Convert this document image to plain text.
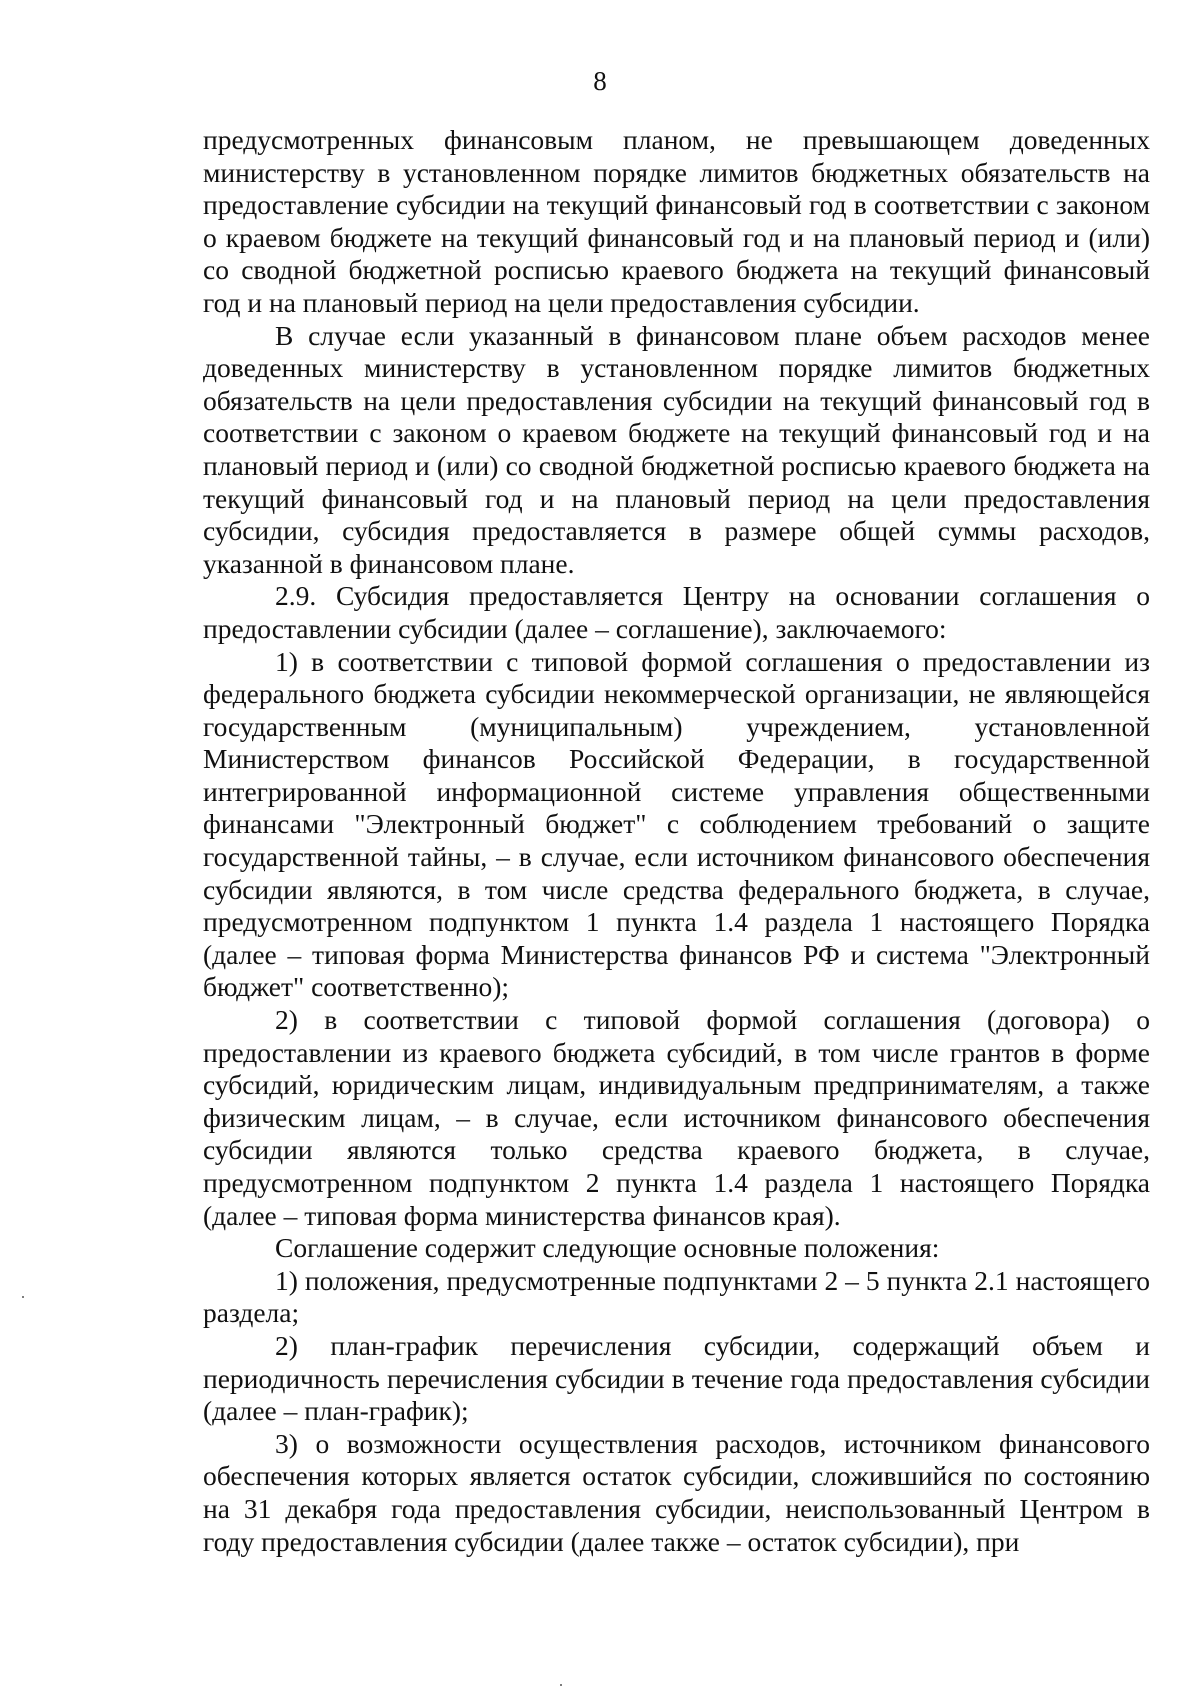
8

предусмотренных финансовым планом, не превышающем доведенных министерству в установленном порядке лимитов бюджетных обязательств на предоставление субсидии на текущий финансовый год в соответствии с законом о краевом бюджете на текущий финансовый год и на плановый период и (или) со сводной бюджетной росписью краевого бюджета на текущий финансовый год и на плановый период на цели предоставления субсидии.

В случае если указанный в финансовом плане объем расходов менее доведенных министерству в установленном порядке лимитов бюджетных обязательств на цели предоставления субсидии на текущий финансовый год в соответствии с законом о краевом бюджете на текущий финансовый год и на плановый период и (или) со сводной бюджетной росписью краевого бюджета на текущий финансовый год и на плановый период на цели предоставления субсидии, субсидия предоставляется в размере общей суммы расходов, указанной в финансовом плане.

2.9. Субсидия предоставляется Центру на основании соглашения о предоставлении субсидии (далее – соглашение), заключаемого:

1) в соответствии с типовой формой соглашения о предоставлении из федерального бюджета субсидии некоммерческой организации, не являющейся государственным (муниципальным) учреждением, установленной Министерством финансов Российской Федерации, в государственной интегрированной информационной системе управления общественными финансами "Электронный бюджет" с соблюдением требований о защите государственной тайны, – в случае, если источником финансового обеспечения субсидии являются, в том числе средства федерального бюджета, в случае, предусмотренном подпунктом 1 пункта 1.4 раздела 1 настоящего Порядка (далее – типовая форма Министерства финансов РФ и система "Электронный бюджет" соответственно);

2) в соответствии с типовой формой соглашения (договора) о предоставлении из краевого бюджета субсидий, в том числе грантов в форме субсидий, юридическим лицам, индивидуальным предпринимателям, а также физическим лицам, – в случае, если источником финансового обеспечения субсидии являются только средства краевого бюджета, в случае, предусмотренном подпунктом 2 пункта 1.4 раздела 1 настоящего Порядка (далее – типовая форма министерства финансов края).

Соглашение содержит следующие основные положения:

1) положения, предусмотренные подпунктами 2 – 5 пункта 2.1 настоящего раздела;

2) план-график перечисления субсидии, содержащий объем и периодичность перечисления субсидии в течение года предоставления субсидии (далее – план-график);

3) о возможности осуществления расходов, источником финансового обеспечения которых является остаток субсидии, сложившийся по состоянию на 31 декабря года предоставления субсидии, неиспользованный Центром в году предоставления субсидии (далее также – остаток субсидии), при
